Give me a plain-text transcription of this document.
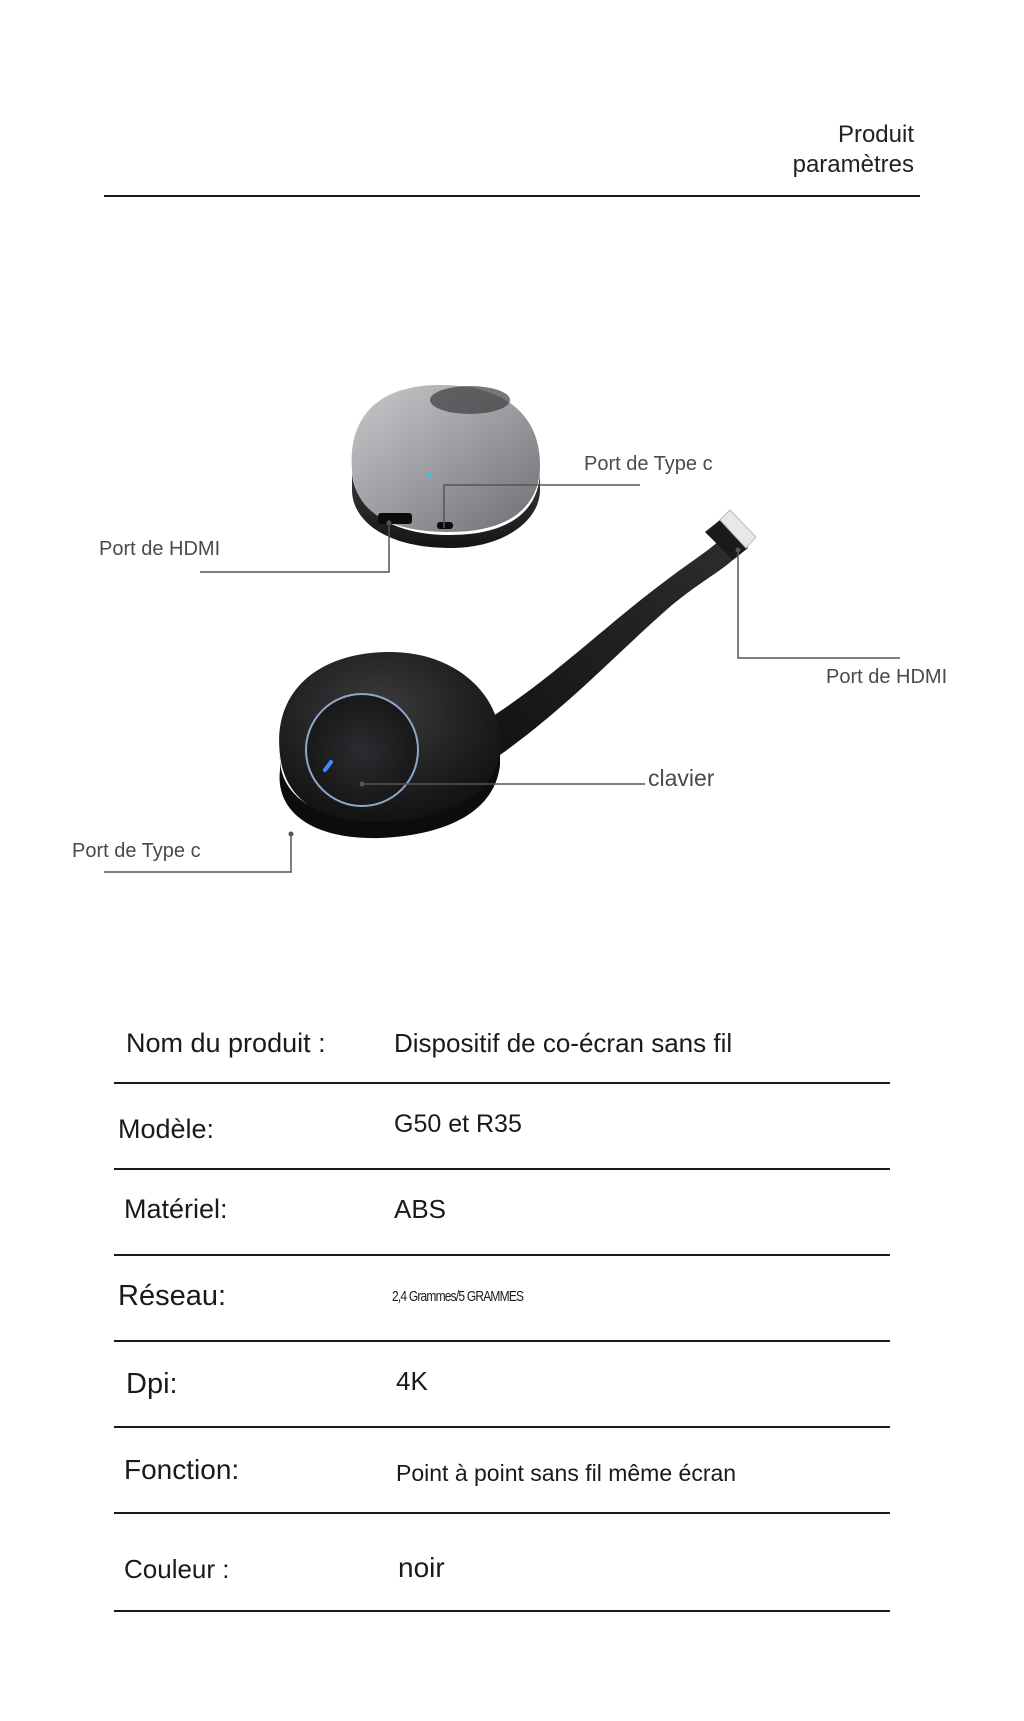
Produit
paramètres
Port de Type c
Port de HDMI
Port de HDMI
clavier
Port de Type c
Nom du produit :	Dispositif de co-écran sans fil
Modèle:	G50 et R35
Matériel:	ABS
Réseau:	2,4 Grammes/5 GRAMMES
Dpi:	4K
Fonction:	Point à point sans fil même écran
Couleur :	noir
